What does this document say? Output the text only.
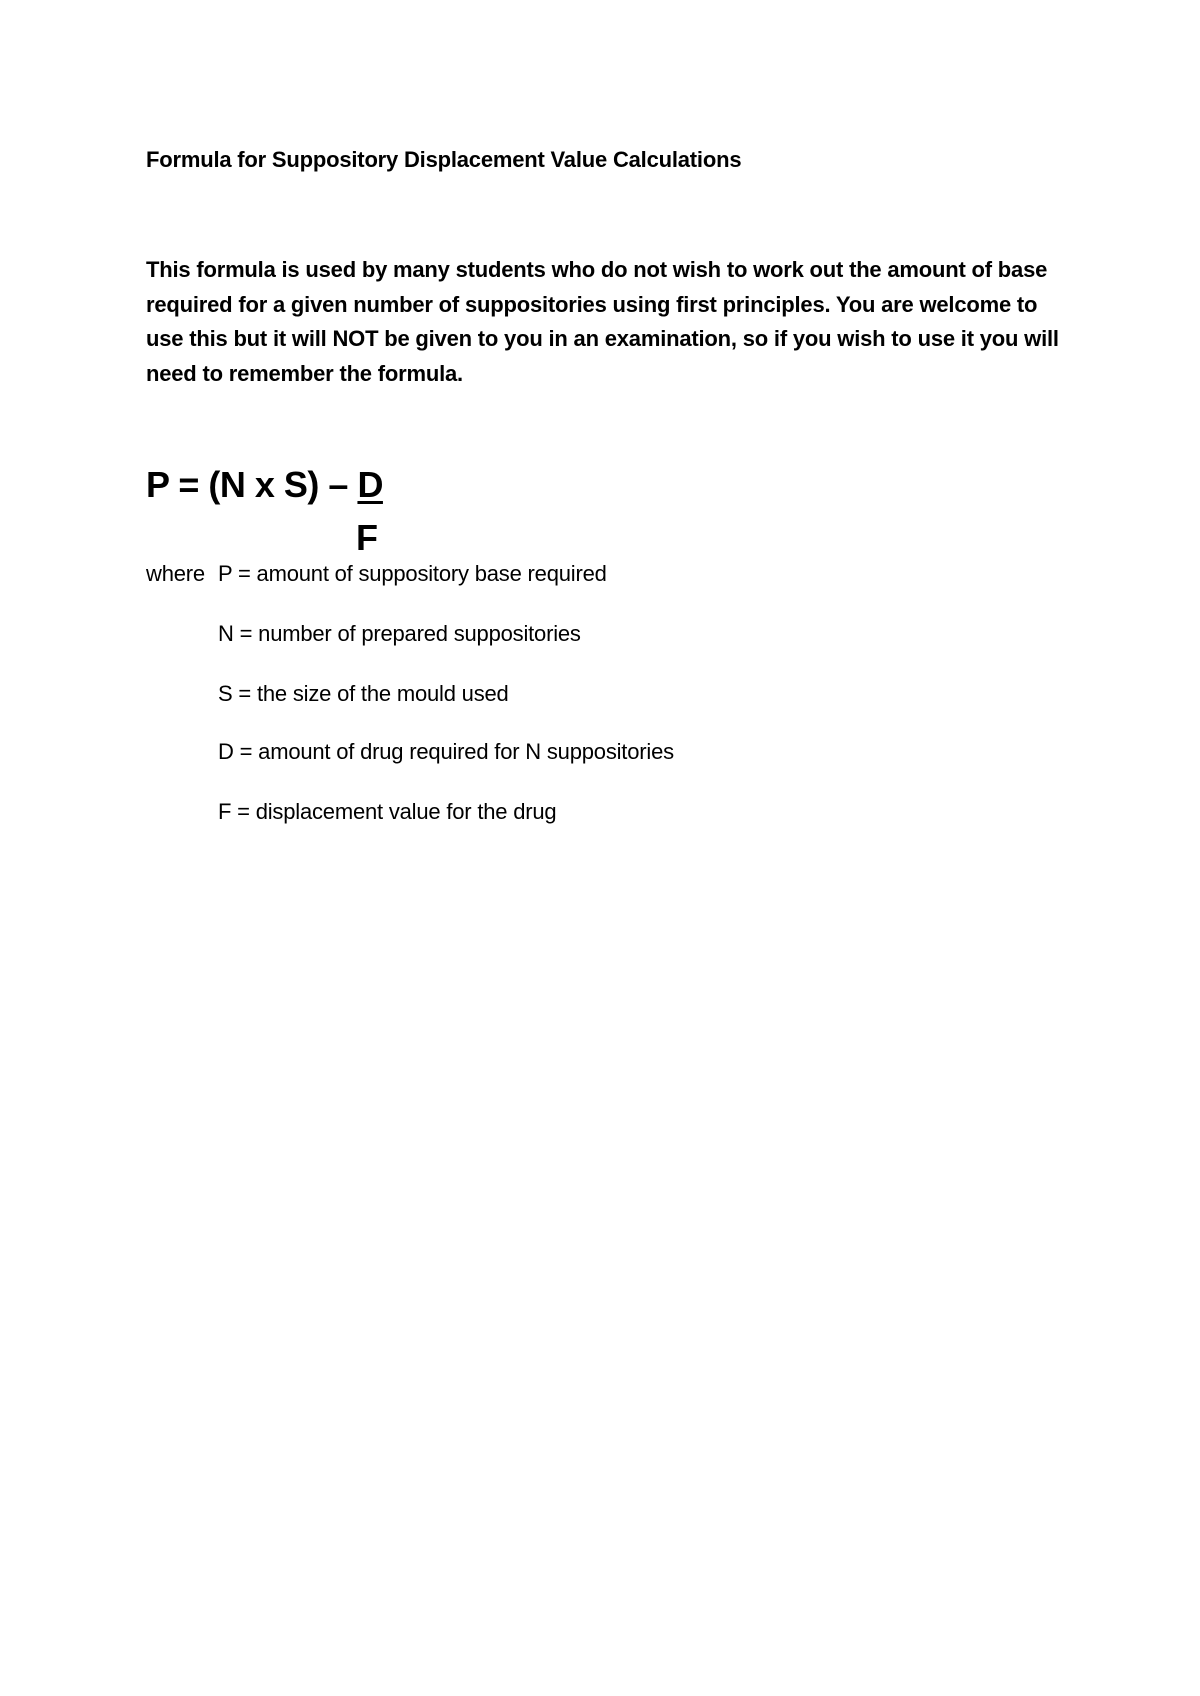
Formula for Suppository Displacement Value Calculations
This formula is used by many students who do not wish to work out the amount of base
required for a given number of suppositories using first principles. You are welcome to
use this but it will NOT be given to you in an examination, so if you wish to use it you will
need to remember the formula.
P = (N x S) – D
F
where P = amount of suppository base required
N = number of prepared suppositories
S = the size of the mould used
D = amount of drug required for N suppositories
F = displacement value for the drug
